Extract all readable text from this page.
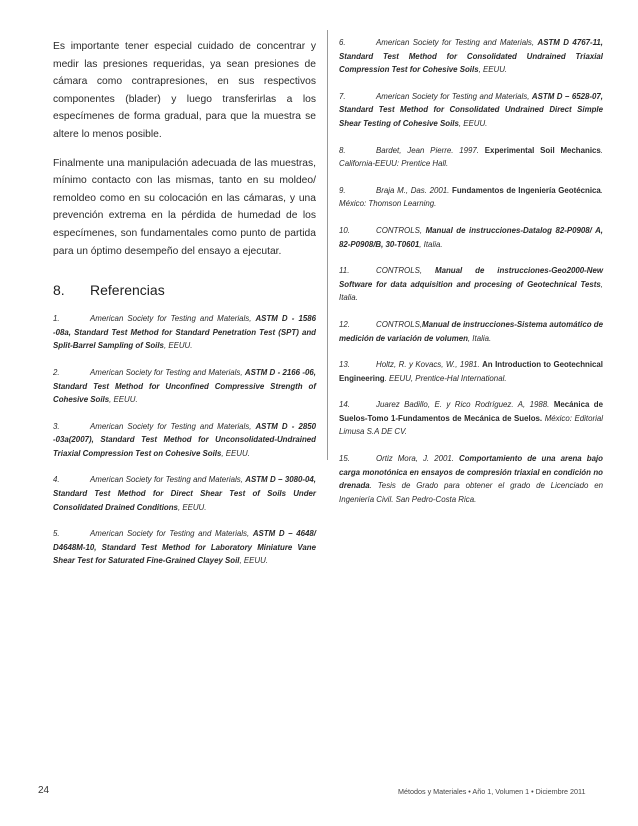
Es importante tener especial cuidado de concentrar y medir las presiones requeridas, ya sean presiones de cámara como contrapresiones, en sus respectivos componentes (blader) y luego transferirlas a los especímenes de forma gradual, para que la muestra se altere lo menos posible.

Finalmente una manipulación adecuada de las muestras, mínimo contacto con las mismas, tanto en su moldeo/ remoldeo como en su colocación en las cámaras, y una prevención extrema en la pérdida de humedad de los especímenes, son fundamentales como punto de partida para un óptimo desempeño del ensayo a ejecutar.

8.	Referencias

1.	American Society for Testing and Materials, ASTM D - 1586 -08a, Standard Test Method for Standard Penetration Test (SPT) and Split-Barrel Sampling of Soils, EEUU.

2.	American Society for Testing and Materials, ASTM D - 2166 -06, Standard Test Method for Unconfined Compressive Strength of Cohesive Soils, EEUU.

3.	American Society for Testing and Materials, ASTM D - 2850 -03a(2007), Standard Test Method for Unconsolidated-Undrained Triaxial Compression Test on Cohesive Soils, EEUU.

4.	American Society for Testing and Materials, ASTM D – 3080-04, Standard Test Method for Direct Shear Test of Soils Under Consolidated Drained Conditions, EEUU.

5.	American Society for Testing and Materials, ASTM D – 4648/ D4648M-10, Standard Test Method for Laboratory Miniature Vane Shear Test for Saturated Fine-Grained Clayey Soil, EEUU.

6.	American Society for Testing and Materials, ASTM D 4767-11, Standard Test Method for Consolidated Undrained Triaxial Compression Test for Cohesive Soils, EEUU.

7.	American Society for Testing and Materials, ASTM D – 6528-07, Standard Test Method for Consolidated Undrained Direct Simple Shear Testing of Cohesive Soils, EEUU.

8.	Bardet, Jean Pierre. 1997. Experimental Soil Mechanics. California-EEUU: Prentice Hall.

9.	Braja M., Das. 2001. Fundamentos de Ingeniería Geotécnica. México: Thomson Learning.

10.	CONTROLS, Manual de instrucciones-Datalog 82-P0908/ A, 82-P0908/B, 30-T0601, Italia.

11.	CONTROLS, Manual de instrucciones-Geo2000-New Software for data adquisition and procesing of Geotechnical Tests, Italia.

12.	CONTROLS,Manual de instrucciones-Sistema automático de medición de variación de volumen, Italia.

13.	Holtz, R. y Kovacs, W., 1981. An Introduction to Geotechnical Engineering. EEUU, Prentice-Hal International.

14.	Juarez Badillo, E. y Rico Rodríguez. A, 1988. Mecánica de Suelos-Tomo 1-Fundamentos de Mecánica de Suelos. México: Editorial Limusa S.A DE CV.

15.	Ortiz Mora, J. 2001. Comportamiento de una arena bajo carga monotónica en ensayos de compresión triaxial en condición no drenada. Tesis de Grado para obtener el grado de Licenciado en Ingeniería Civil. San Pedro-Costa Rica.

24	Métodos y Materiales • Año 1, Volumen 1 • Diciembre 2011
